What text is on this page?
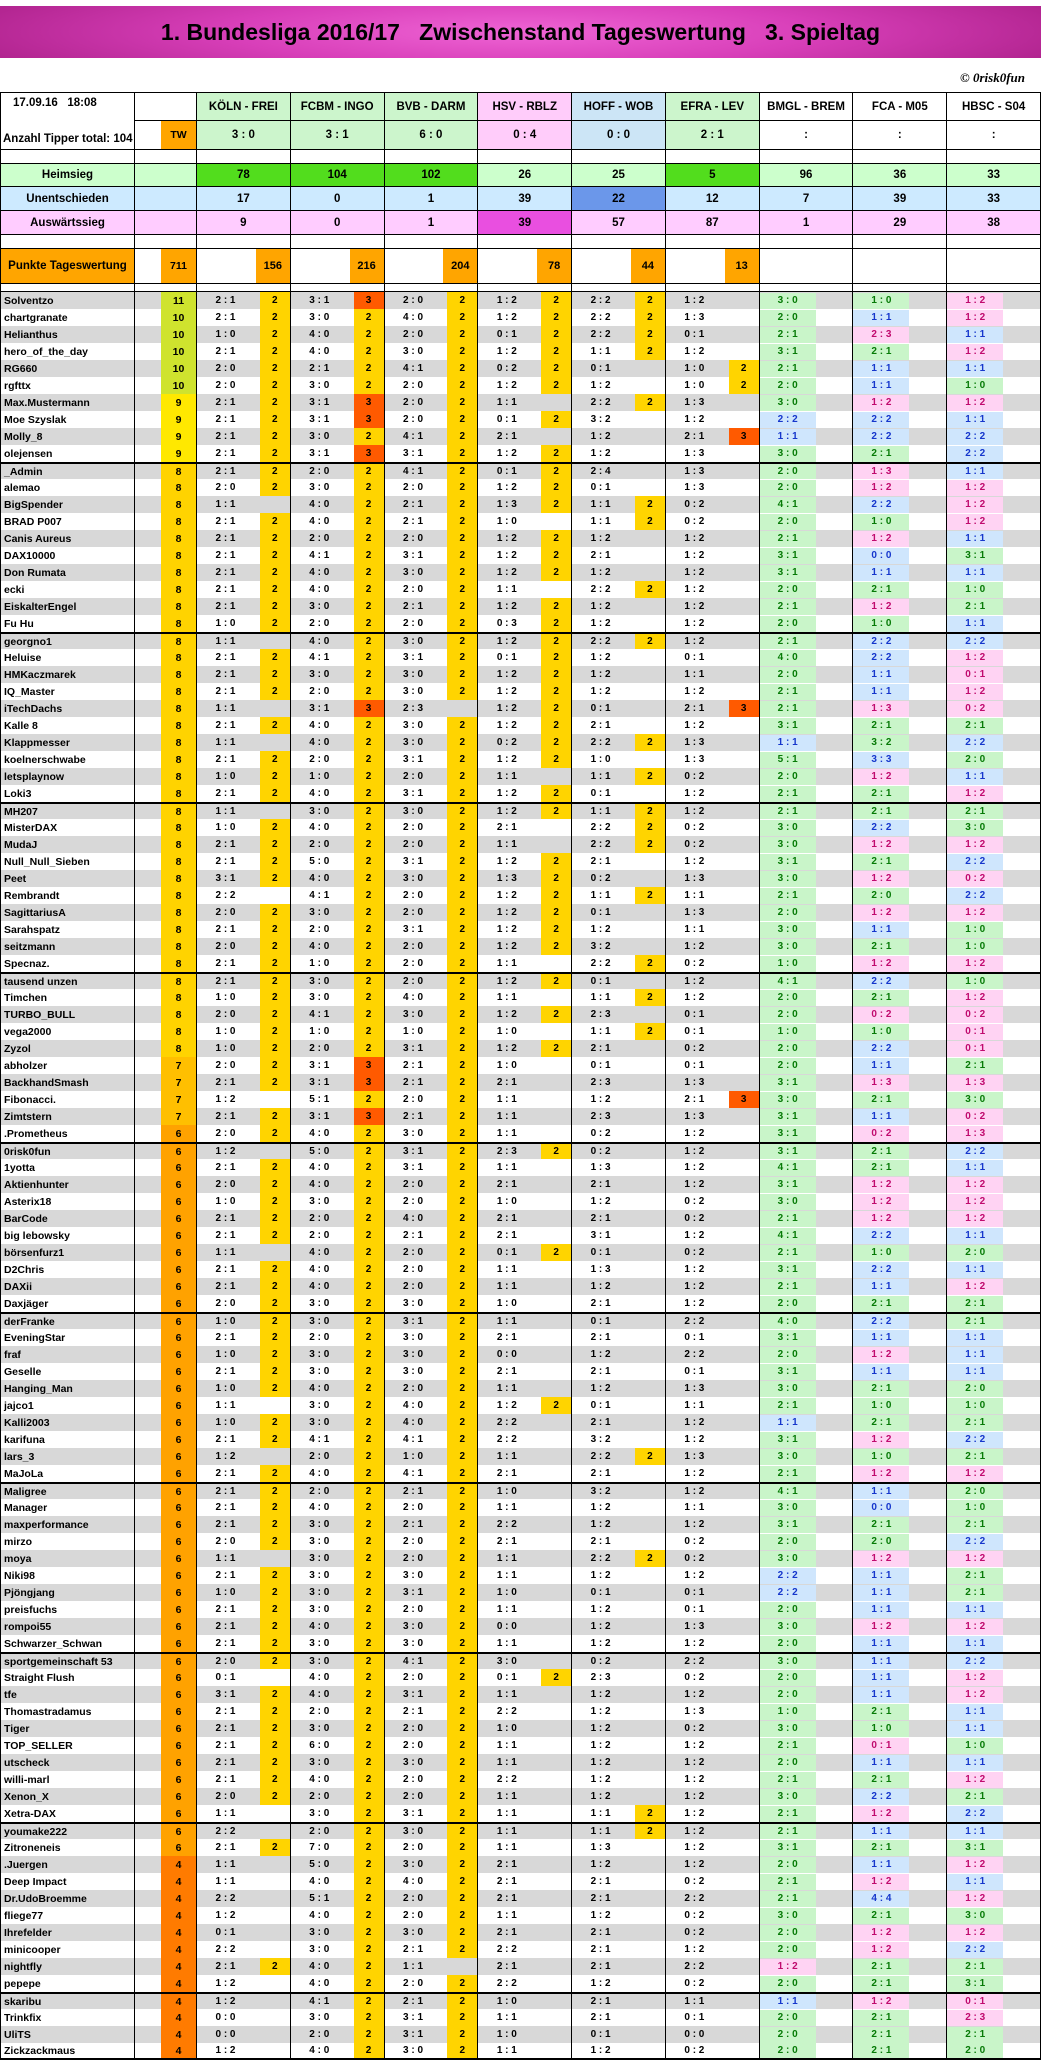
1. Bundesliga 2016/17   Zwischenstand Tageswertung   3. Spieltag
© 0risk0fun
17.09.16   18:08
Anzahl Tipper total: 104	TW
KÖLN - FREI
3 : 0
FCBM - INGO
3 : 1
BVB - DARM
6 : 0
HSV - RBLZ
0 : 4
HOFF - WOB
0 : 0
EFRA - LEV
2 : 1
BMGL - BREM
:
FCA - M05
:
HBSC - S04
:
Heimsieg	78	104	102	26	25	5	96	36	33
Unentschieden	17	0	1	39	22	12	7	39	33
Auswärtssieg	9	0	1	39	57	87	1	29	38
Punkte Tageswertung	711	156	216	204	78	44	13
Solventzo	11	2 : 1	2	3 : 1	3	2 : 0	2	1 : 2	2	2 : 2	2	1 : 2	3 : 0	1 : 0	1 : 2
chartgranate	10	2 : 1	2	3 : 0	2	4 : 0	2	1 : 2	2	2 : 2	2	1 : 3	2 : 0	1 : 1	1 : 2
Helianthus	10	1 : 0	2	4 : 0	2	2 : 0	2	0 : 1	2	2 : 2	2	0 : 1	2 : 1	2 : 3	1 : 1
hero_of_the_day	10	2 : 1	2	4 : 0	2	3 : 0	2	1 : 2	2	1 : 1	2	1 : 2	3 : 1	2 : 1	1 : 2
RG660	10	2 : 0	2	2 : 1	2	4 : 1	2	0 : 2	2	0 : 1	1 : 0	2	2 : 1	1 : 1	1 : 1
rgfttx	10	2 : 0	2	3 : 0	2	2 : 0	2	1 : 2	2	1 : 2	1 : 0	2	2 : 0	1 : 1	1 : 0
Max.Mustermann	9	2 : 1	2	3 : 1	3	2 : 0	2	1 : 1	2 : 2	2	1 : 3	3 : 0	1 : 2	1 : 2
Moe Szyslak	9	2 : 1	2	3 : 1	3	2 : 0	2	0 : 1	2	3 : 2	1 : 2	2 : 2	2 : 2	1 : 1
Molly_8	9	2 : 1	2	3 : 0	2	4 : 1	2	2 : 1	1 : 2	2 : 1	3	1 : 1	2 : 2	2 : 2
olejensen	9	2 : 1	2	3 : 1	3	3 : 1	2	1 : 2	2	1 : 2	1 : 3	3 : 0	2 : 1	2 : 2
_Admin	8	2 : 1	2	2 : 0	2	4 : 1	2	0 : 1	2	2 : 4	1 : 3	2 : 0	1 : 3	1 : 1
alemao	8	2 : 0	2	3 : 0	2	2 : 0	2	1 : 2	2	0 : 1	1 : 3	2 : 0	1 : 2	1 : 2
BigSpender	8	1 : 1	4 : 0	2	2 : 1	2	1 : 3	2	1 : 1	2	0 : 2	4 : 1	2 : 2	1 : 2
BRAD P007	8	2 : 1	2	4 : 0	2	2 : 1	2	1 : 0	1 : 1	2	0 : 2	2 : 0	1 : 0	1 : 2
Canis Aureus	8	2 : 1	2	2 : 0	2	2 : 0	2	1 : 2	2	1 : 2	1 : 2	2 : 1	1 : 2	1 : 1
DAX10000	8	2 : 1	2	4 : 1	2	3 : 1	2	1 : 2	2	2 : 1	1 : 2	3 : 1	0 : 0	3 : 1
Don Rumata	8	2 : 1	2	4 : 0	2	3 : 0	2	1 : 2	2	1 : 2	1 : 2	3 : 1	1 : 1	1 : 1
ecki	8	2 : 1	2	4 : 0	2	2 : 0	2	1 : 1	2 : 2	2	1 : 2	2 : 0	2 : 1	1 : 0
EiskalterEngel	8	2 : 1	2	3 : 0	2	2 : 1	2	1 : 2	2	1 : 2	1 : 2	2 : 1	1 : 2	2 : 1
Fu Hu	8	1 : 0	2	2 : 0	2	2 : 0	2	0 : 3	2	1 : 2	1 : 2	2 : 0	1 : 0	1 : 1
georgno1	8	1 : 1	4 : 0	2	3 : 0	2	1 : 2	2	2 : 2	2	1 : 2	2 : 1	2 : 2	2 : 2
Heluise	8	2 : 1	2	4 : 1	2	3 : 1	2	0 : 1	2	1 : 2	0 : 1	4 : 0	2 : 2	1 : 2
HMKaczmarek	8	2 : 1	2	3 : 0	2	3 : 0	2	1 : 2	2	1 : 2	1 : 1	2 : 0	1 : 1	0 : 1
IQ_Master	8	2 : 1	2	2 : 0	2	3 : 0	2	1 : 2	2	1 : 2	1 : 2	2 : 1	1 : 1	1 : 2
iTechDachs	8	1 : 1	3 : 1	3	2 : 3	1 : 2	2	0 : 1	2 : 1	3	2 : 1	1 : 3	0 : 2
Kalle 8	8	2 : 1	2	4 : 0	2	3 : 0	2	1 : 2	2	2 : 1	1 : 2	3 : 1	2 : 1	2 : 1
Klappmesser	8	1 : 1	4 : 0	2	3 : 0	2	0 : 2	2	2 : 2	2	1 : 3	1 : 1	3 : 2	2 : 2
koelnerschwabe	8	2 : 1	2	2 : 0	2	3 : 1	2	1 : 2	2	1 : 0	1 : 3	5 : 1	3 : 3	2 : 0
letsplaynow	8	1 : 0	2	1 : 0	2	2 : 0	2	1 : 1	1 : 1	2	0 : 2	2 : 0	1 : 2	1 : 1
Loki3	8	2 : 1	2	4 : 0	2	3 : 1	2	1 : 2	2	0 : 1	1 : 2	2 : 1	2 : 1	1 : 2
MH207	8	1 : 1	3 : 0	2	3 : 0	2	1 : 2	2	1 : 1	2	1 : 2	2 : 1	2 : 1	2 : 1
MisterDAX	8	1 : 0	2	4 : 0	2	2 : 0	2	2 : 1	2 : 2	2	0 : 2	3 : 0	2 : 2	3 : 0
MudaJ	8	2 : 1	2	2 : 0	2	2 : 0	2	1 : 1	2 : 2	2	0 : 2	3 : 0	1 : 2	1 : 2
Null_Null_Sieben	8	2 : 1	2	5 : 0	2	3 : 1	2	1 : 2	2	2 : 1	1 : 2	3 : 1	2 : 1	2 : 2
Peet	8	3 : 1	2	4 : 0	2	3 : 0	2	1 : 3	2	0 : 2	1 : 3	3 : 0	1 : 2	0 : 2
Rembrandt	8	2 : 2	4 : 1	2	2 : 0	2	1 : 2	2	1 : 1	2	1 : 1	2 : 1	2 : 0	2 : 2
SagittariusA	8	2 : 0	2	3 : 0	2	2 : 0	2	1 : 2	2	0 : 1	1 : 3	2 : 0	1 : 2	1 : 2
Sarahspatz	8	2 : 1	2	2 : 0	2	3 : 1	2	1 : 2	2	1 : 2	1 : 1	3 : 0	1 : 1	1 : 0
seitzmann	8	2 : 0	2	4 : 0	2	2 : 0	2	1 : 2	2	3 : 2	1 : 2	3 : 0	2 : 1	1 : 0
Specnaz.	8	2 : 1	2	1 : 0	2	2 : 0	2	1 : 1	2 : 2	2	0 : 2	1 : 0	1 : 2	1 : 2
tausend unzen	8	2 : 1	2	3 : 0	2	2 : 0	2	1 : 2	2	0 : 1	1 : 2	4 : 1	2 : 2	1 : 0
Timchen	8	1 : 0	2	3 : 0	2	4 : 0	2	1 : 1	1 : 1	2	1 : 2	2 : 0	2 : 1	1 : 2
TURBO_BULL	8	2 : 0	2	4 : 1	2	3 : 0	2	1 : 2	2	2 : 3	0 : 1	2 : 0	0 : 2	0 : 2
vega2000	8	1 : 0	2	1 : 0	2	1 : 0	2	1 : 0	1 : 1	2	0 : 1	1 : 0	1 : 0	0 : 1
Zyzol	8	1 : 0	2	2 : 0	2	3 : 1	2	1 : 2	2	2 : 1	0 : 2	2 : 0	2 : 2	0 : 1
abholzer	7	2 : 0	2	3 : 1	3	2 : 1	2	1 : 0	0 : 1	0 : 1	2 : 0	1 : 1	2 : 1
BackhandSmash	7	2 : 1	2	3 : 1	3	2 : 1	2	2 : 1	2 : 3	1 : 3	3 : 1	1 : 3	1 : 3
Fibonacci.	7	1 : 2	5 : 1	2	2 : 0	2	1 : 1	1 : 2	2 : 1	3	3 : 0	2 : 1	3 : 0
Zimtstern	7	2 : 1	2	3 : 1	3	2 : 1	2	1 : 1	2 : 3	1 : 3	3 : 1	1 : 1	0 : 2
.Prometheus	6	2 : 0	2	4 : 0	2	3 : 0	2	1 : 1	0 : 2	1 : 2	3 : 1	0 : 2	1 : 3
0risk0fun	6	1 : 2	5 : 0	2	3 : 1	2	2 : 3	2	0 : 2	1 : 2	3 : 1	2 : 1	2 : 2
1yotta	6	2 : 1	2	4 : 0	2	3 : 1	2	1 : 1	1 : 3	1 : 2	4 : 1	2 : 1	1 : 1
Aktienhunter	6	2 : 0	2	4 : 0	2	2 : 0	2	2 : 1	2 : 1	1 : 2	3 : 1	1 : 2	1 : 2
Asterix18	6	1 : 0	2	3 : 0	2	2 : 0	2	1 : 0	1 : 2	0 : 2	3 : 0	1 : 2	1 : 2
BarCode	6	2 : 1	2	2 : 0	2	4 : 0	2	2 : 1	2 : 1	0 : 2	2 : 1	1 : 2	1 : 2
big lebowsky	6	2 : 1	2	2 : 0	2	2 : 1	2	2 : 1	3 : 1	1 : 2	4 : 1	2 : 2	1 : 1
börsenfurz1	6	1 : 1	4 : 0	2	2 : 0	2	0 : 1	2	0 : 1	0 : 2	2 : 1	1 : 0	2 : 0
D2Chris	6	2 : 1	2	4 : 0	2	2 : 0	2	1 : 1	1 : 3	1 : 2	3 : 1	2 : 2	1 : 1
DAXii	6	2 : 1	2	4 : 0	2	2 : 0	2	1 : 1	1 : 2	1 : 2	2 : 1	1 : 1	1 : 2
Daxjäger	6	2 : 0	2	3 : 0	2	3 : 0	2	1 : 0	2 : 1	1 : 2	2 : 0	2 : 1	2 : 1
derFranke	6	1 : 0	2	3 : 0	2	3 : 1	2	1 : 1	0 : 1	2 : 2	4 : 0	2 : 2	2 : 1
EveningStar	6	2 : 1	2	2 : 0	2	3 : 0	2	2 : 1	2 : 1	0 : 1	3 : 1	1 : 1	1 : 1
fraf	6	1 : 0	2	3 : 0	2	3 : 0	2	0 : 0	1 : 2	2 : 2	2 : 0	1 : 2	1 : 1
Geselle	6	2 : 1	2	3 : 0	2	3 : 0	2	2 : 1	2 : 1	0 : 1	3 : 1	1 : 1	1 : 1
Hanging_Man	6	1 : 0	2	4 : 0	2	2 : 0	2	1 : 1	1 : 2	1 : 3	3 : 0	2 : 1	2 : 0
jajco1	6	1 : 1	3 : 0	2	4 : 0	2	1 : 2	2	0 : 1	1 : 1	2 : 1	1 : 0	1 : 0
Kalli2003	6	1 : 0	2	3 : 0	2	4 : 0	2	2 : 2	2 : 1	1 : 2	1 : 1	2 : 1	2 : 1
karifuna	6	2 : 1	2	4 : 1	2	4 : 1	2	2 : 2	3 : 2	1 : 2	3 : 1	1 : 2	2 : 2
lars_3	6	1 : 2	2 : 0	2	1 : 0	2	1 : 1	2 : 2	2	1 : 3	3 : 0	1 : 0	2 : 1
MaJoLa	6	2 : 1	2	4 : 0	2	4 : 1	2	2 : 1	2 : 1	1 : 2	2 : 1	1 : 2	1 : 2
Maligree	6	2 : 1	2	2 : 0	2	2 : 1	2	1 : 0	3 : 2	1 : 2	4 : 1	1 : 1	2 : 0
Manager	6	2 : 1	2	4 : 0	2	2 : 0	2	1 : 1	1 : 2	1 : 1	3 : 0	0 : 0	1 : 0
maxperformance	6	2 : 1	2	3 : 0	2	2 : 1	2	2 : 2	1 : 2	1 : 2	3 : 1	2 : 1	2 : 1
mirzo	6	2 : 0	2	3 : 0	2	2 : 0	2	2 : 1	2 : 1	0 : 2	2 : 0	2 : 0	2 : 2
moya	6	1 : 1	3 : 0	2	2 : 0	2	1 : 1	2 : 2	2	0 : 2	3 : 0	1 : 2	1 : 2
Niki98	6	2 : 1	2	3 : 0	2	3 : 0	2	1 : 1	1 : 2	1 : 2	2 : 2	1 : 1	2 : 1
Pjöngjang	6	1 : 0	2	3 : 0	2	3 : 1	2	1 : 0	0 : 1	0 : 1	2 : 2	1 : 1	2 : 1
preisfuchs	6	2 : 1	2	3 : 0	2	2 : 0	2	1 : 1	1 : 2	0 : 1	2 : 0	1 : 1	1 : 1
rompoi55	6	2 : 1	2	4 : 0	2	3 : 0	2	0 : 0	1 : 2	1 : 3	3 : 0	1 : 2	1 : 2
Schwarzer_Schwan	6	2 : 1	2	3 : 0	2	3 : 0	2	1 : 1	1 : 2	1 : 2	2 : 0	1 : 1	1 : 1
sportgemeinschaft 53	6	2 : 0	2	3 : 0	2	4 : 1	2	3 : 0	0 : 2	2 : 2	3 : 0	1 : 1	2 : 2
Straight Flush	6	0 : 1	4 : 0	2	2 : 0	2	0 : 1	2	2 : 3	0 : 2	2 : 0	1 : 1	1 : 2
tfe	6	3 : 1	2	4 : 0	2	3 : 1	2	1 : 1	1 : 2	1 : 2	2 : 0	1 : 1	1 : 2
Thomastradamus	6	2 : 1	2	2 : 0	2	2 : 1	2	2 : 2	1 : 2	1 : 3	1 : 0	2 : 1	1 : 1
Tiger	6	2 : 1	2	3 : 0	2	2 : 0	2	1 : 0	1 : 2	0 : 2	3 : 0	1 : 0	1 : 1
TOP_SELLER	6	2 : 1	2	6 : 0	2	2 : 0	2	1 : 1	1 : 2	1 : 2	2 : 1	0 : 1	1 : 0
utscheck	6	2 : 1	2	3 : 0	2	3 : 0	2	1 : 1	1 : 2	1 : 2	2 : 0	1 : 1	1 : 1
willi-marl	6	2 : 1	2	4 : 0	2	2 : 0	2	2 : 2	1 : 2	1 : 2	2 : 1	2 : 1	1 : 2
Xenon_X	6	2 : 0	2	2 : 0	2	2 : 0	2	1 : 1	1 : 2	1 : 2	3 : 0	2 : 2	2 : 1
Xetra-DAX	6	1 : 1	3 : 0	2	3 : 1	2	1 : 1	1 : 1	2	1 : 2	2 : 1	1 : 2	2 : 2
youmake222	6	2 : 2	2 : 0	2	3 : 0	2	1 : 1	1 : 1	2	1 : 2	2 : 1	1 : 1	1 : 1
Zitroneneis	6	2 : 1	2	7 : 0	2	2 : 0	2	1 : 1	1 : 3	1 : 2	3 : 1	2 : 1	3 : 1
.Juergen	4	1 : 1	5 : 0	2	3 : 0	2	2 : 1	1 : 2	1 : 2	2 : 0	1 : 1	1 : 2
Deep Impact	4	1 : 1	4 : 0	2	4 : 0	2	2 : 1	2 : 1	0 : 2	2 : 1	1 : 2	1 : 1
Dr.UdoBroemme	4	2 : 2	5 : 1	2	2 : 0	2	2 : 1	2 : 1	2 : 2	2 : 1	4 : 4	1 : 2
fliege77	4	1 : 2	4 : 0	2	2 : 0	2	1 : 1	1 : 2	0 : 2	3 : 0	2 : 1	3 : 0
Ihrefelder	4	0 : 1	3 : 0	2	3 : 0	2	2 : 1	2 : 1	0 : 2	2 : 0	1 : 2	1 : 2
minicooper	4	2 : 2	3 : 0	2	2 : 1	2	2 : 2	2 : 1	1 : 2	2 : 0	1 : 2	2 : 2
nightfly	4	2 : 1	2	4 : 0	2	1 : 1	2 : 1	2 : 1	2 : 2	1 : 2	2 : 1	2 : 1
pepepe	4	1 : 2	4 : 0	2	2 : 0	2	2 : 2	1 : 2	0 : 2	2 : 0	2 : 1	3 : 1
skaribu	4	1 : 2	4 : 1	2	2 : 1	2	1 : 0	2 : 1	1 : 1	1 : 1	1 : 2	0 : 1
Trinkfix	4	0 : 0	3 : 0	2	3 : 1	2	1 : 1	2 : 1	0 : 1	2 : 0	2 : 1	2 : 3
UliTS	4	0 : 0	2 : 0	2	3 : 1	2	1 : 0	0 : 1	0 : 0	2 : 0	2 : 1	2 : 1
Zickzackmaus	4	1 : 2	4 : 0	2	3 : 0	2	1 : 1	1 : 2	0 : 2	2 : 0	2 : 1	2 : 0
